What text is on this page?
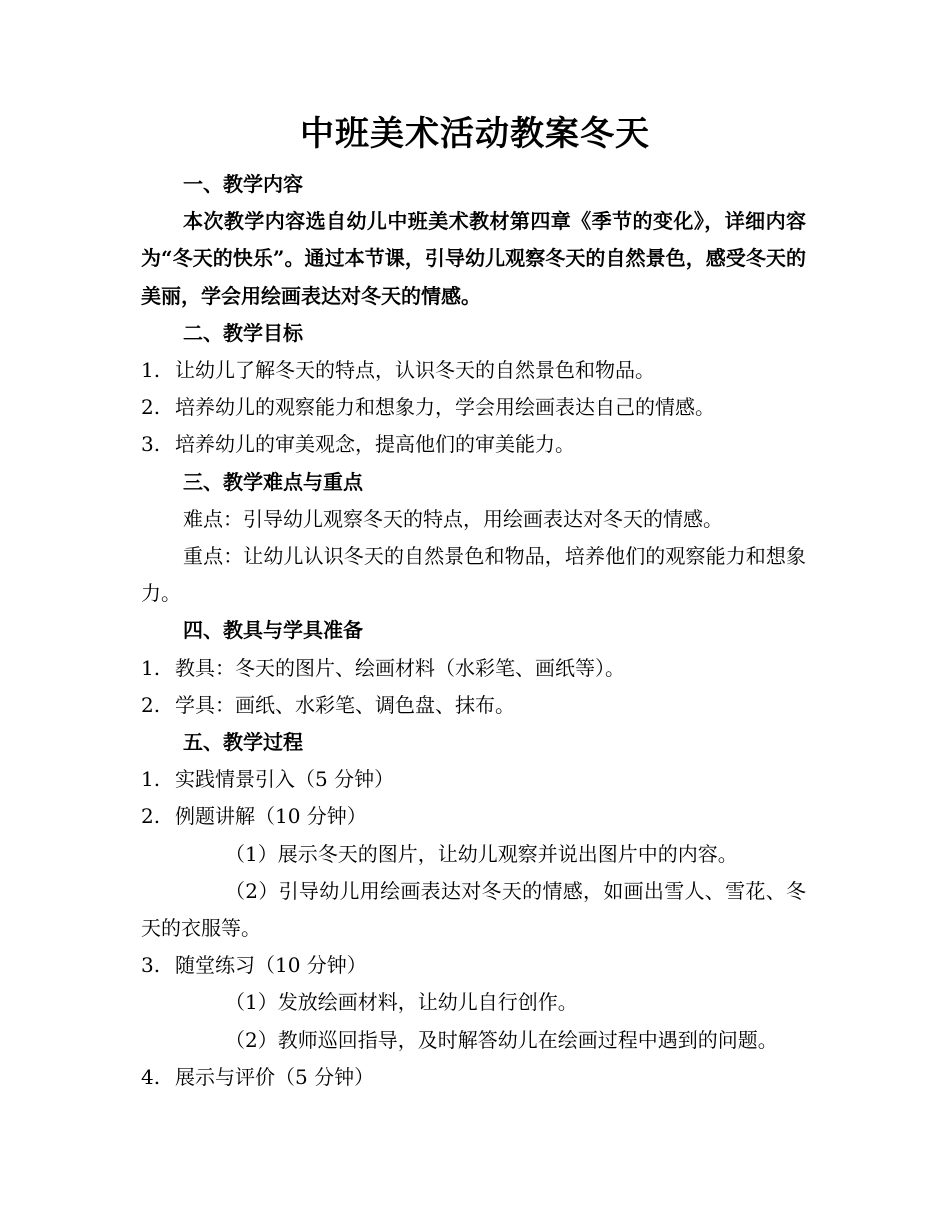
中班美术活动教案冬天

一、教学内容

本次教学内容选自幼儿中班美术教材第四章《季节的变化》，详细内容为“冬天的快乐”。通过本节课，引导幼儿观察冬天的自然景色，感受冬天的美丽，学会用绘画表达对冬天的情感。

二、教学目标

1. 让幼儿了解冬天的特点，认识冬天的自然景色和物品。

2. 培养幼儿的观察能力和想象力，学会用绘画表达自己的情感。

3. 培养幼儿的审美观念，提高他们的审美能力。

三、教学难点与重点

难点：引导幼儿观察冬天的特点，用绘画表达对冬天的情感。

重点：让幼儿认识冬天的自然景色和物品，培养他们的观察能力和想象力。

四、教具与学具准备

1. 教具：冬天的图片、绘画材料（水彩笔、画纸等）。

2. 学具：画纸、水彩笔、调色盘、抹布。

五、教学过程

1. 实践情景引入（5 分钟）

2. 例题讲解（10 分钟）

（1）展示冬天的图片，让幼儿观察并说出图片中的内容。

（2）引导幼儿用绘画表达对冬天的情感，如画出雪人、雪花、冬天的衣服等。

3. 随堂练习（10 分钟）

（1）发放绘画材料，让幼儿自行创作。

（2）教师巡回指导，及时解答幼儿在绘画过程中遇到的问题。

4. 展示与评价（5 分钟）
